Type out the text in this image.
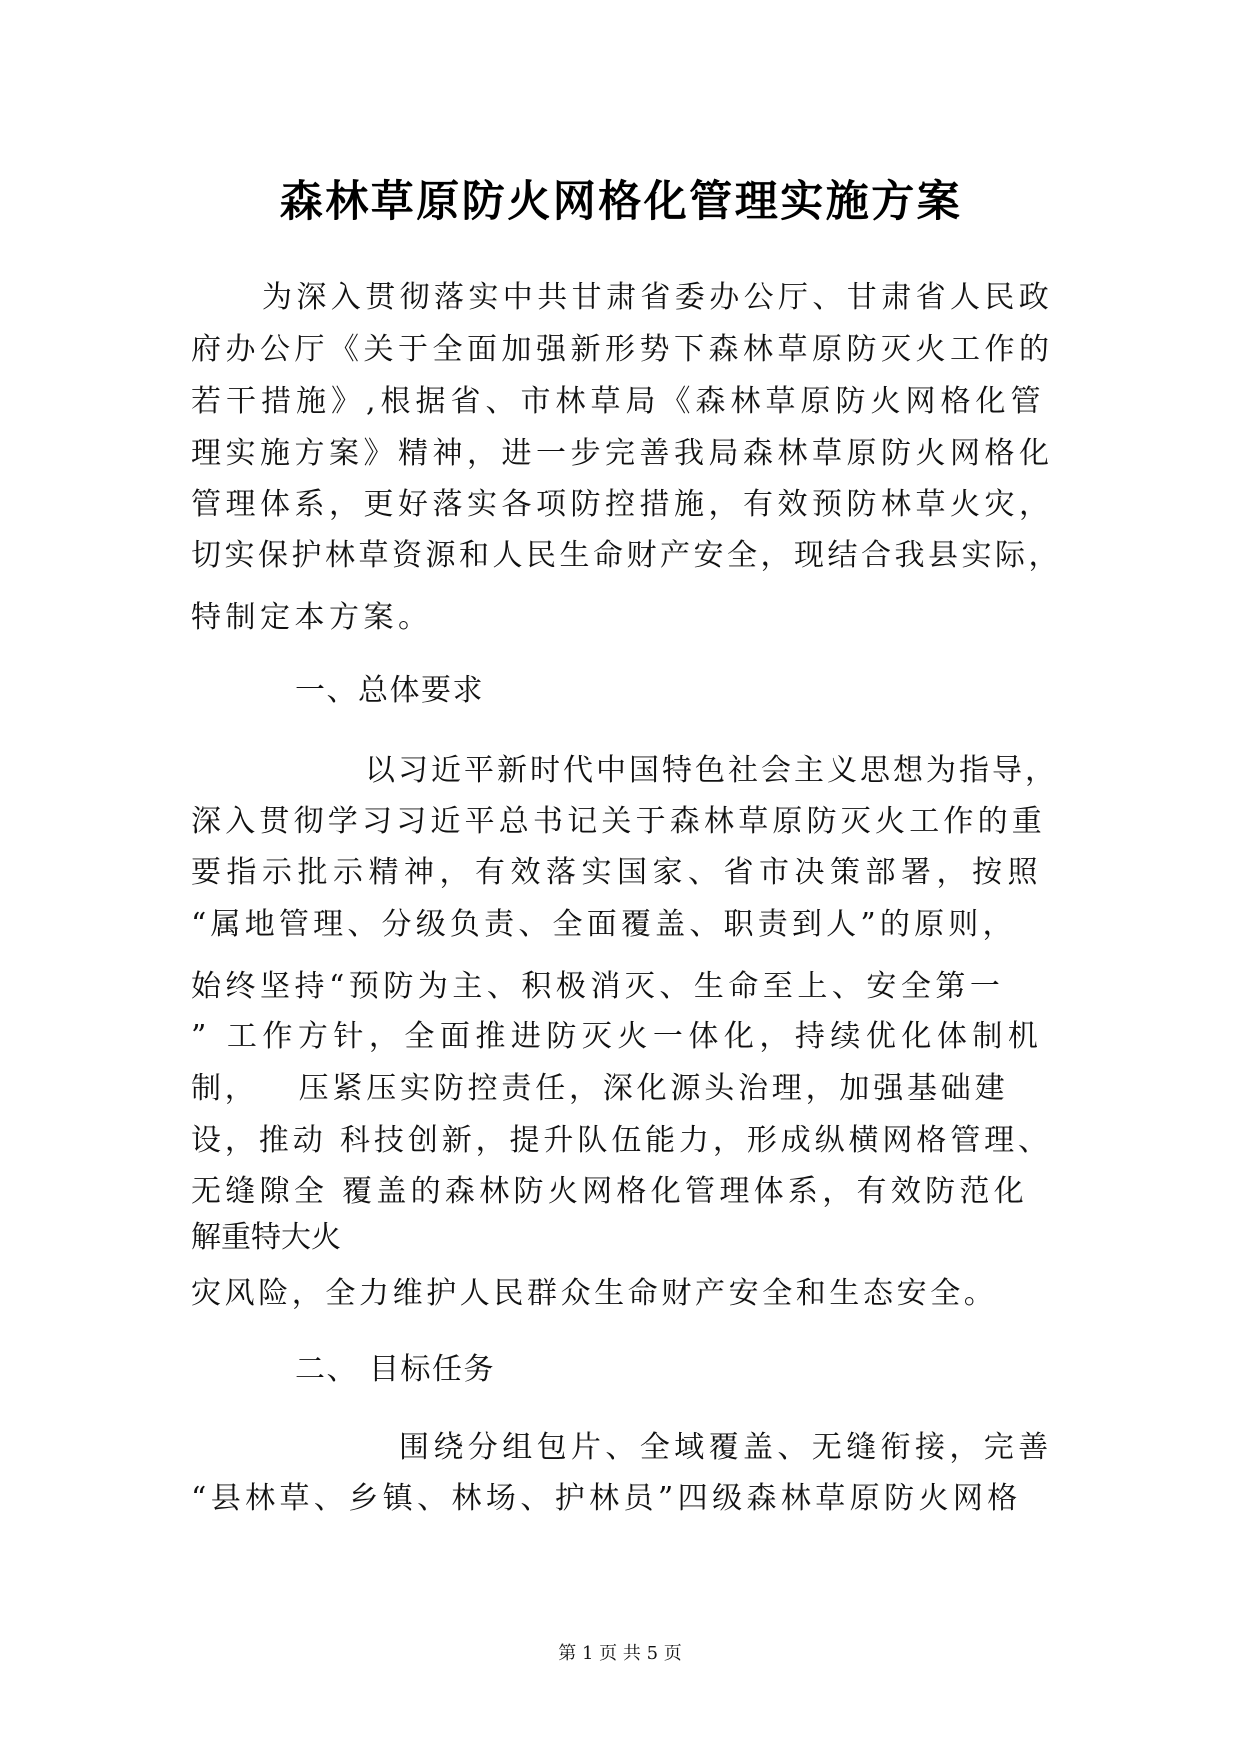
森林草原防火网格化管理实施方案
为深入贯彻落实中共甘肃省委办公厅、甘肃省人民政
府办公厅《关于全面加强新形势下森林草原防灭火工作的
若干措施》,根据省、市林草局《森林草原防火网格化管
理实施方案》精神，进一步完善我局森林草原防火网格化
管理体系，更好落实各项防控措施，有效预防林草火灾，
切实保护林草资源和人民生命财产安全，现结合我县实际，
特制定本方案。
一、总体要求
以习近平新时代中国特色社会主义思想为指导，
深入贯彻学习习近平总书记关于森林草原防灭火工作的重
要指示批示精神，有效落实国家、省市决策部署，按照
“属地管理、分级负责、全面覆盖、职责到人”的原则，
始终坚持“预防为主、积极消灭、生命至上、安全第一
” 工作方针，全面推进防灭火一体化，持续优化体制机
制，   压紧压实防控责任，深化源头治理，加强基础建
设，推动 科技创新，提升队伍能力，形成纵横网格管理、
无缝隙全 覆盖的森林防火网格化管理体系，有效防范化
解重特大火
灾风险，全力维护人民群众生命财产安全和生态安全。
二、 目标任务
围绕分组包片、全域覆盖、无缝衔接，完善
“县林草、乡镇、林场、护林员”四级森林草原防火网格
第 1 页 共 5 页
